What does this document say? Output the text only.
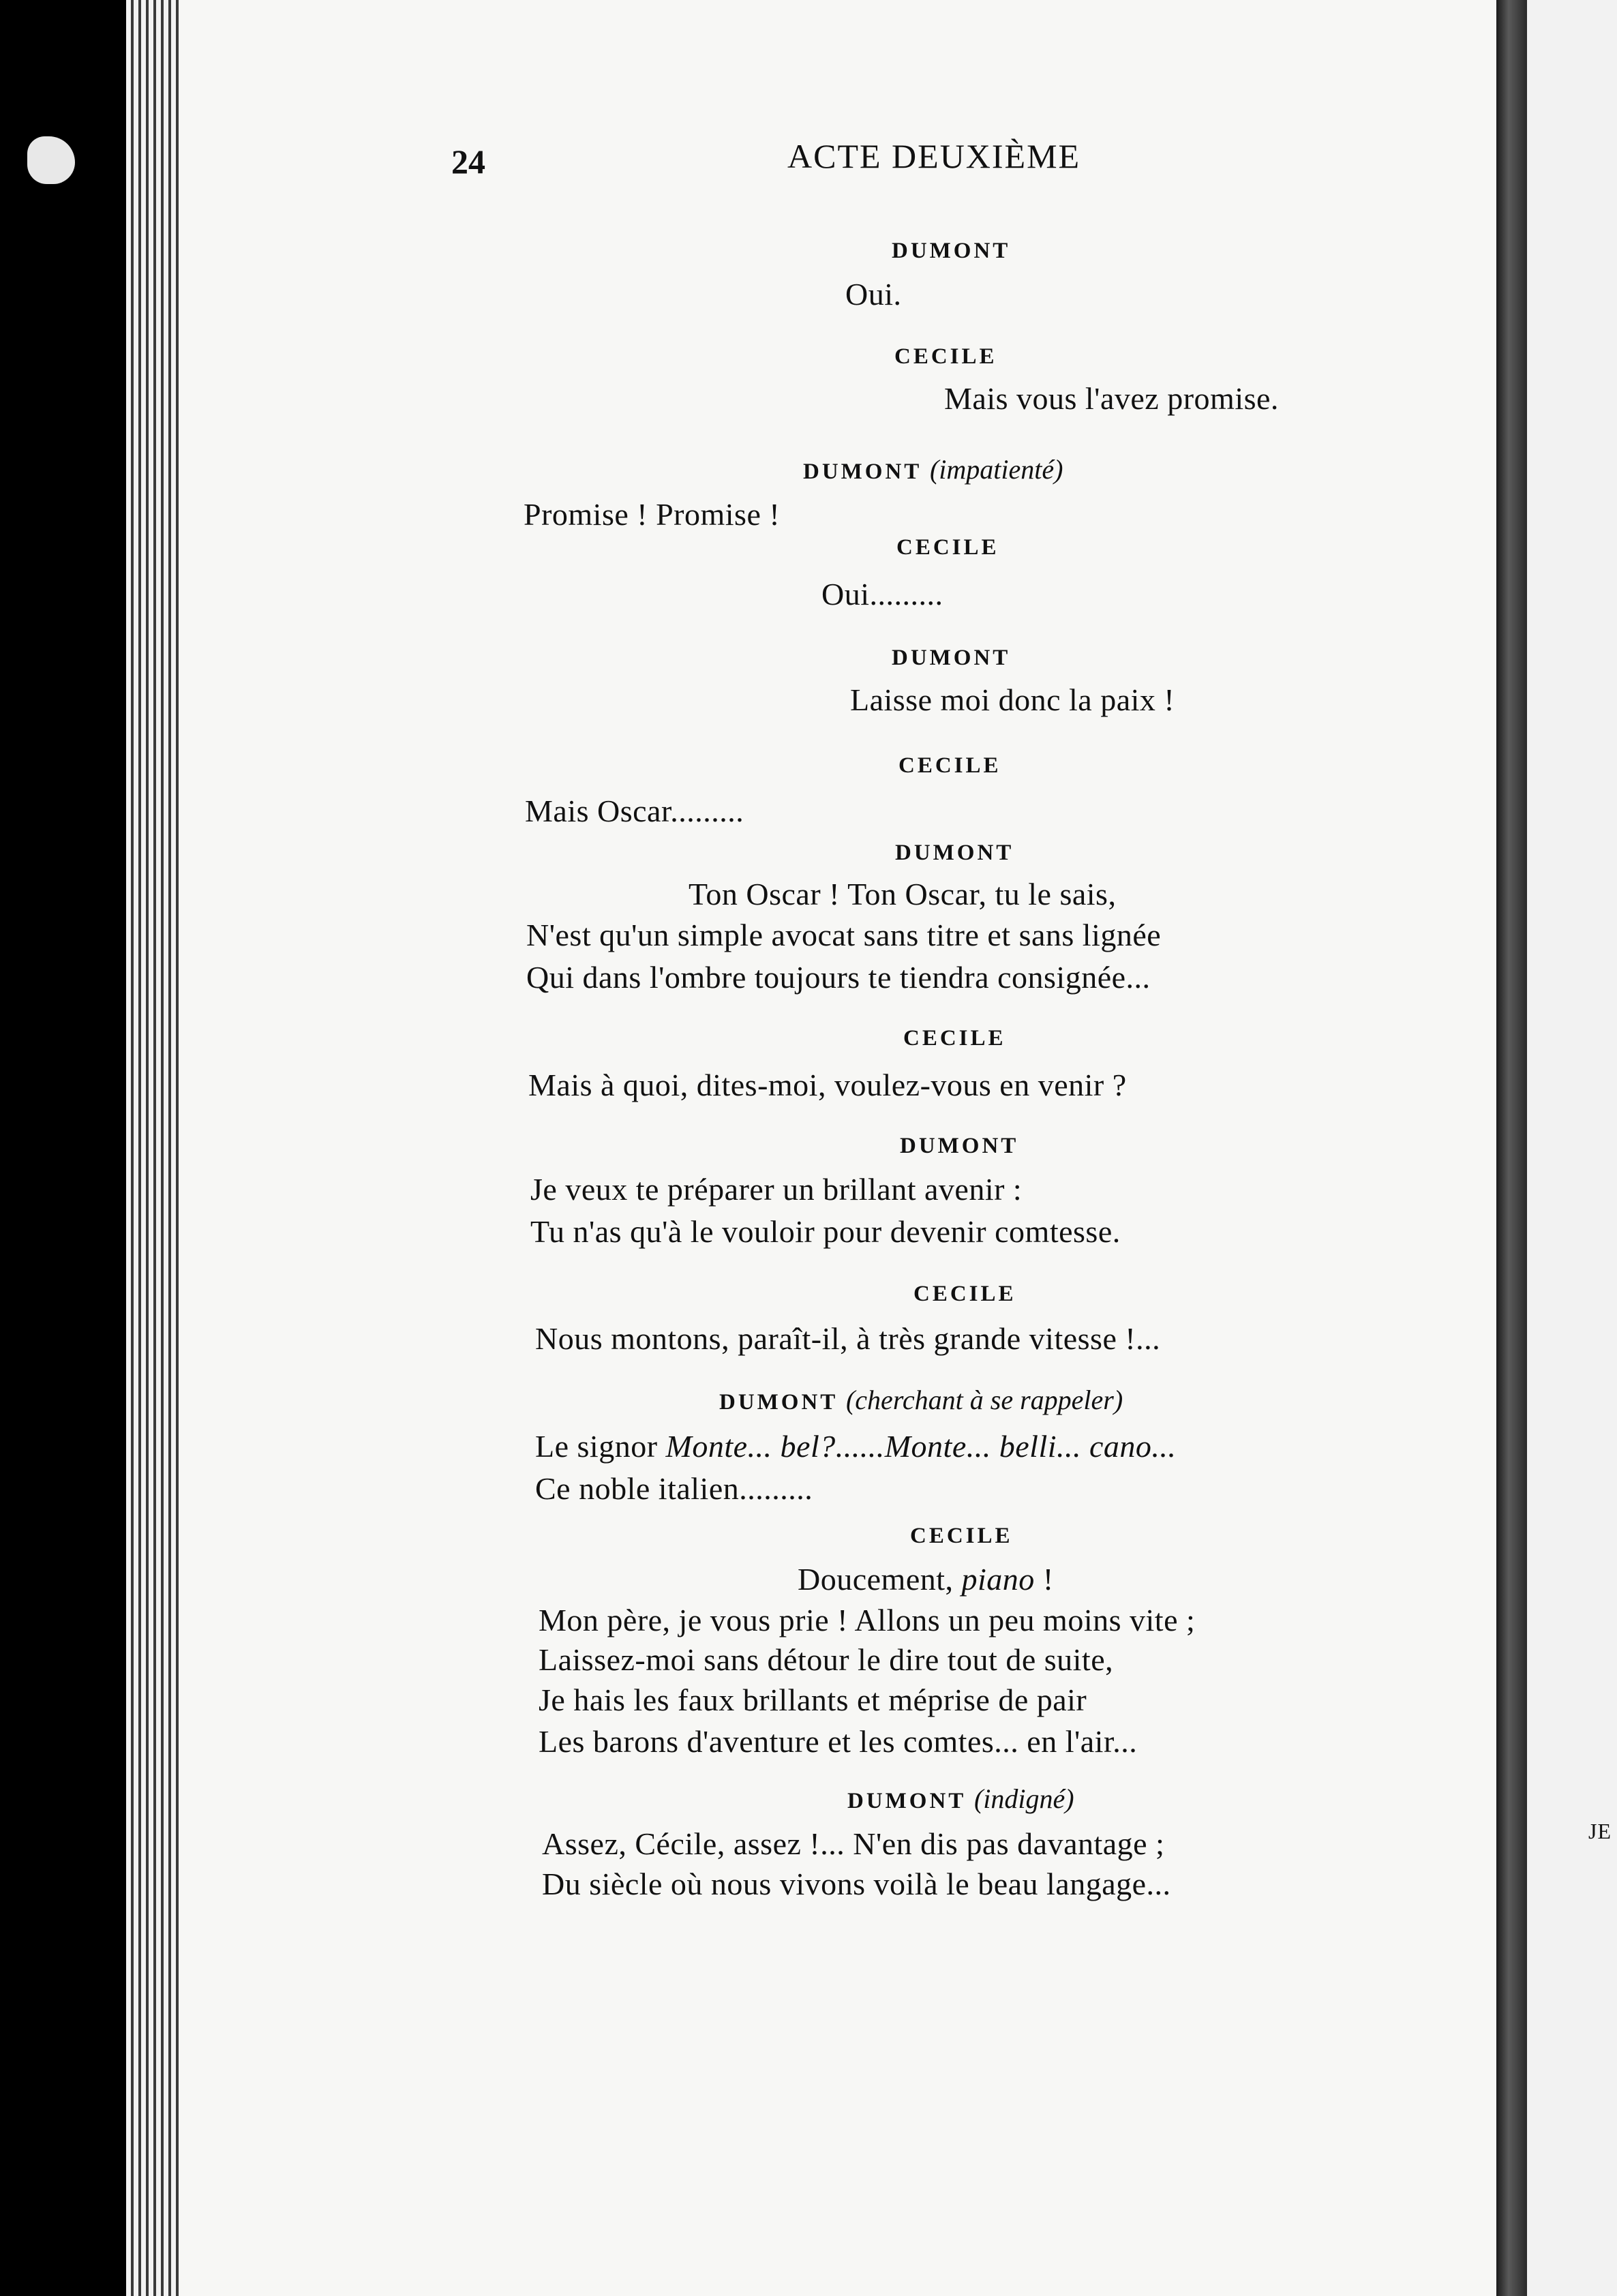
JE
24	ACTE DEUXIÈME
DUMONT
Oui.
CECILE
Mais vous l'avez promise.
DUMONT (impatienté)
Promise ! Promise !
CECILE
Oui.........
DUMONT
Laisse moi donc la paix !
CECILE
Mais Oscar.........
DUMONT
Ton Oscar ! Ton Oscar, tu le sais,
N'est qu'un simple avocat sans titre et sans lignée
Qui dans l'ombre toujours te tiendra consignée...
CECILE
Mais à quoi, dites-moi, voulez-vous en venir ?
DUMONT
Je veux te préparer un brillant avenir :
Tu n'as qu'à le vouloir pour devenir comtesse.
CECILE
Nous montons, paraît-il, à très grande vitesse !...
DUMONT (cherchant à se rappeler)
Le signor Monte... bel?......Monte... belli... cano...
Ce noble italien.........
CECILE
Doucement, piano !
Mon père, je vous prie ! Allons un peu moins vite ;
Laissez-moi sans détour le dire tout de suite,
Je hais les faux brillants et méprise de pair
Les barons d'aventure et les comtes... en l'air...
DUMONT (indigné)
Assez, Cécile, assez !... N'en dis pas davantage ;
Du siècle où nous vivons voilà le beau langage...
